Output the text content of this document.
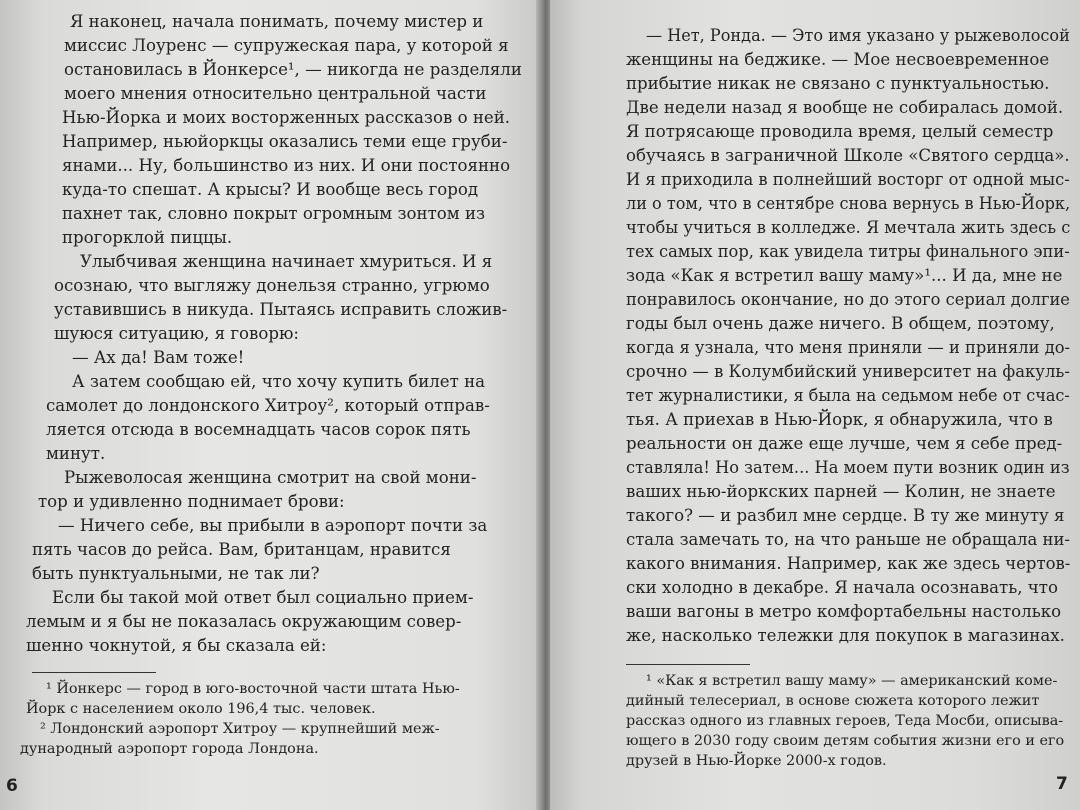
Я наконец, начала понимать, почему мистер и

миссис Лоуренс — супружеская пара, у которой я

остановилась в Йонкерсе¹, — никогда не разделяли

моего мнения относительно центральной части

Нью-Йорка и моих восторженных рассказов о ней.

Например, ньюйоркцы оказались теми еще груби-

янами... Ну, большинство из них. И они постоянно

куда-то спешат. А крысы? И вообще весь город

пахнет так, словно покрыт огромным зонтом из

прогорклой пиццы.

Улыбчивая женщина начинает хмуриться. И я

осознаю, что выгляжу донельзя странно, угрюмо

уставившись в никуда. Пытаясь исправить сложив-

шуюся ситуацию, я говорю:

— Ах да! Вам тоже!

А затем сообщаю ей, что хочу купить билет на

самолет до лондонского Хитроу², который отправ-

ляется отсюда в восемнадцать часов сорок пять

минут.

Рыжеволосая женщина смотрит на свой мони-

тор и удивленно поднимает брови:

— Ничего себе, вы прибыли в аэропорт почти за

пять часов до рейса. Вам, британцам, нравится

быть пунктуальными, не так ли?

Если бы такой мой ответ был социально прием-

лемым и я бы не показалась окружающим совер-

шенно чокнутой, я бы сказала ей:

¹ Йонкерс — город в юго-восточной части штата Нью-

Йорк с населением около 196,4 тыс. человек.

² Лондонский аэропорт Хитроу — крупнейший меж-

дународный аэропорт города Лондона.

6

— Нет, Ронда. — Это имя указано у рыжеволосой

женщины на беджике. — Мое несвоевременное

прибытие никак не связано с пунктуальностью.

Две недели назад я вообще не собиралась домой.

Я потрясающе проводила время, целый семестр

обучаясь в заграничной Школе «Святого сердца».

И я приходила в полнейший восторг от одной мыс-

ли о том, что в сентябре снова вернусь в Нью-Йорк,

чтобы учиться в колледже. Я мечтала жить здесь с

тех самых пор, как увидела титры финального эпи-

зода «Как я встретил вашу маму»¹... И да, мне не

понравилось окончание, но до этого сериал долгие

годы был очень даже ничего. В общем, поэтому,

когда я узнала, что меня приняли — и приняли до-

срочно — в Колумбийский университет на факуль-

тет журналистики, я была на седьмом небе от счас-

тья. А приехав в Нью-Йорк, я обнаружила, что в

реальности он даже еще лучше, чем я себе пред-

ставляла! Но затем... На моем пути возник один из

ваших нью-йоркских парней — Колин, не знаете

такого? — и разбил мне сердце. В ту же минуту я

стала замечать то, на что раньше не обращала ни-

какого внимания. Например, как же здесь чертов-

ски холодно в декабре. Я начала осознавать, что

ваши вагоны в метро комфортабельны настолько

же, насколько тележки для покупок в магазинах.

¹ «Как я встретил вашу маму» — американский коме-

дийный телесериал, в основе сюжета которого лежит

рассказ одного из главных героев, Теда Мосби, описыва-

ющего в 2030 году своим детям события жизни его и его

друзей в Нью-Йорке 2000-х годов.

7
